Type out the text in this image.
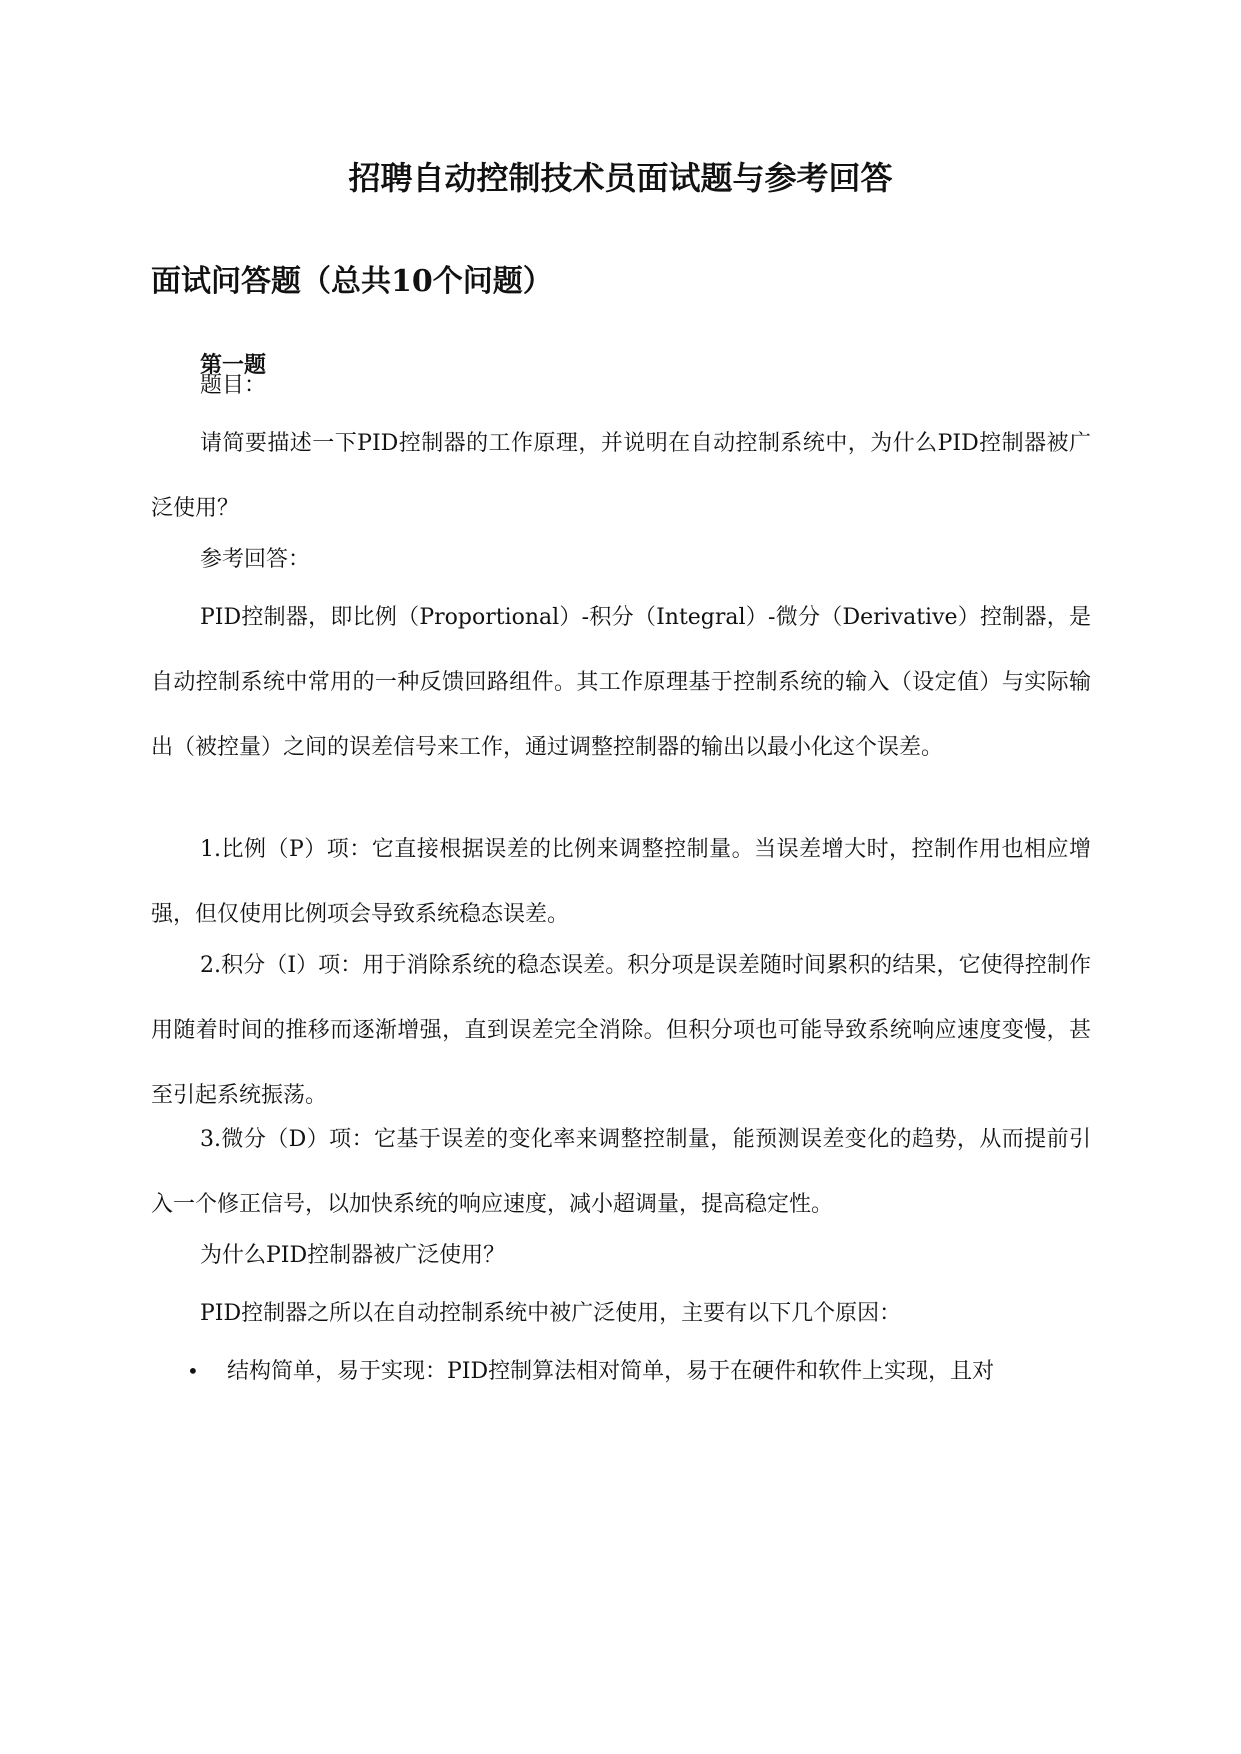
招聘自动控制技术员面试题与参考回答
面试问答题（总共10个问题）
第一题

题目：

请简要描述一下PID控制器的工作原理，并说明在自动控制系统中，为什么PID控制器被广泛使用？

参考回答：

PID控制器，即比例（Proportional）-积分（Integral）-微分（Derivative）控制器，是自动控制系统中常用的一种反馈回路组件。其工作原理基于控制系统的输入（设定值）与实际输出（被控量）之间的误差信号来工作，通过调整控制器的输出以最小化这个误差。

1.比例（P）项：它直接根据误差的比例来调整控制量。当误差增大时，控制作用也相应增强，但仅使用比例项会导致系统稳态误差。

2.积分（I）项：用于消除系统的稳态误差。积分项是误差随时间累积的结果，它使得控制作用随着时间的推移而逐渐增强，直到误差完全消除。但积分项也可能导致系统响应速度变慢，甚至引起系统振荡。

3.微分（D）项：它基于误差的变化率来调整控制量，能预测误差变化的趋势，从而提前引入一个修正信号，以加快系统的响应速度，减小超调量，提高稳定性。

为什么PID控制器被广泛使用？

PID控制器之所以在自动控制系统中被广泛使用，主要有以下几个原因：

•	结构简单，易于实现：PID控制算法相对简单，易于在硬件和软件上实现，且对
